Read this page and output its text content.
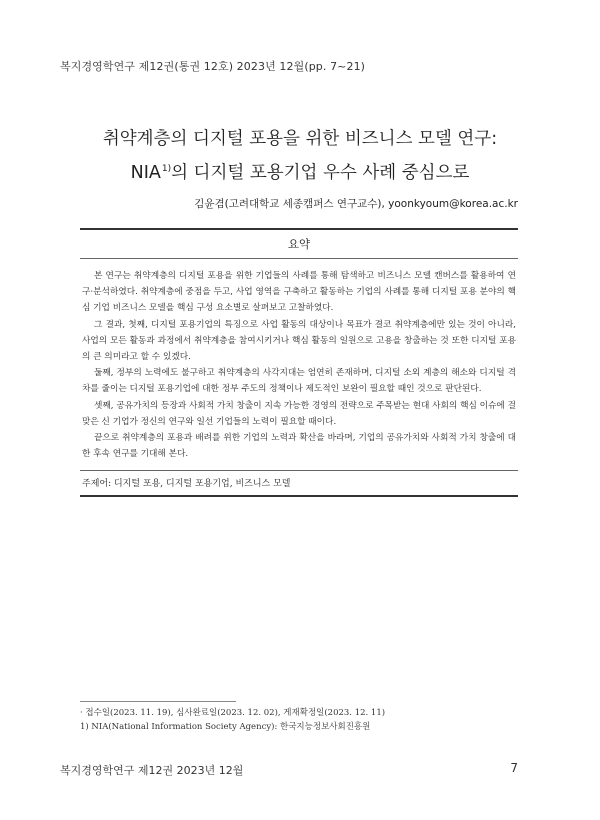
복지경영학연구 제12권(통권 12호) 2023년 12월(pp. 7~21)
취약계층의 디지털 포용을 위한 비즈니스 모델 연구:
NIA$^{1)}$의 디지털 포용기업 우수 사례 중심으로
김윤겸(고려대학교 세종캠퍼스 연구교수), yoonkyoum@korea.ac.kr
요약

본 연구는 취약계층의 디지털 포용을 위한 기업들의 사례를 통해 탐색하고 비즈니스 모델 캔버스를 활용하여 연구·분석하였다. 취약계층에 중점을 두고, 사업 영역을 구축하고 활동하는 기업의 사례를 통해 디지털 포용 분야의 핵심 기업 비즈니스 모델을 핵심 구성 요소별로 살펴보고 고찰하였다.

그 결과, 첫째, 디지털 포용기업의 특징으로 사업 활동의 대상이나 목표가 결코 취약계층에만 있는 것이 아니라, 사업의 모든 활동과 과정에서 취약계층을 참여시키거나 핵심 활동의 일원으로 고용을 창출하는 것 또한 디지털 포용의 큰 의미라고 할 수 있겠다.

둘째, 정부의 노력에도 불구하고 취약계층의 사각지대는 엄연히 존재하며, 디지털 소외 계층의 해소와 디지털 격차를 줄이는 디지털 포용기업에 대한 정부 주도의 정책이나 제도적인 보완이 필요할 때인 것으로 판단된다.

셋째, 공유가치의 등장과 사회적 가치 창출이 지속 가능한 경영의 전략으로 주목받는 현대 사회의 핵심 이슈에 걸맞은 신 기업가 정신의 연구와 일선 기업들의 노력이 필요할 때이다.

끝으로 취약계층의 포용과 배려를 위한 기업의 노력과 확산을 바라며, 기업의 공유가치와 사회적 가치 창출에 대한 후속 연구를 기대해 본다.

주제어: 디지털 포용, 디지털 포용기업, 비즈니스 모델
· 접수일(2023. 11. 19), 심사완료일(2023. 12. 02), 게재확정일(2023. 12. 11)
1) NIA(National Information Society Agency): 한국지능정보사회진흥원
복지경영학연구 제12권 2023년 12월	7
